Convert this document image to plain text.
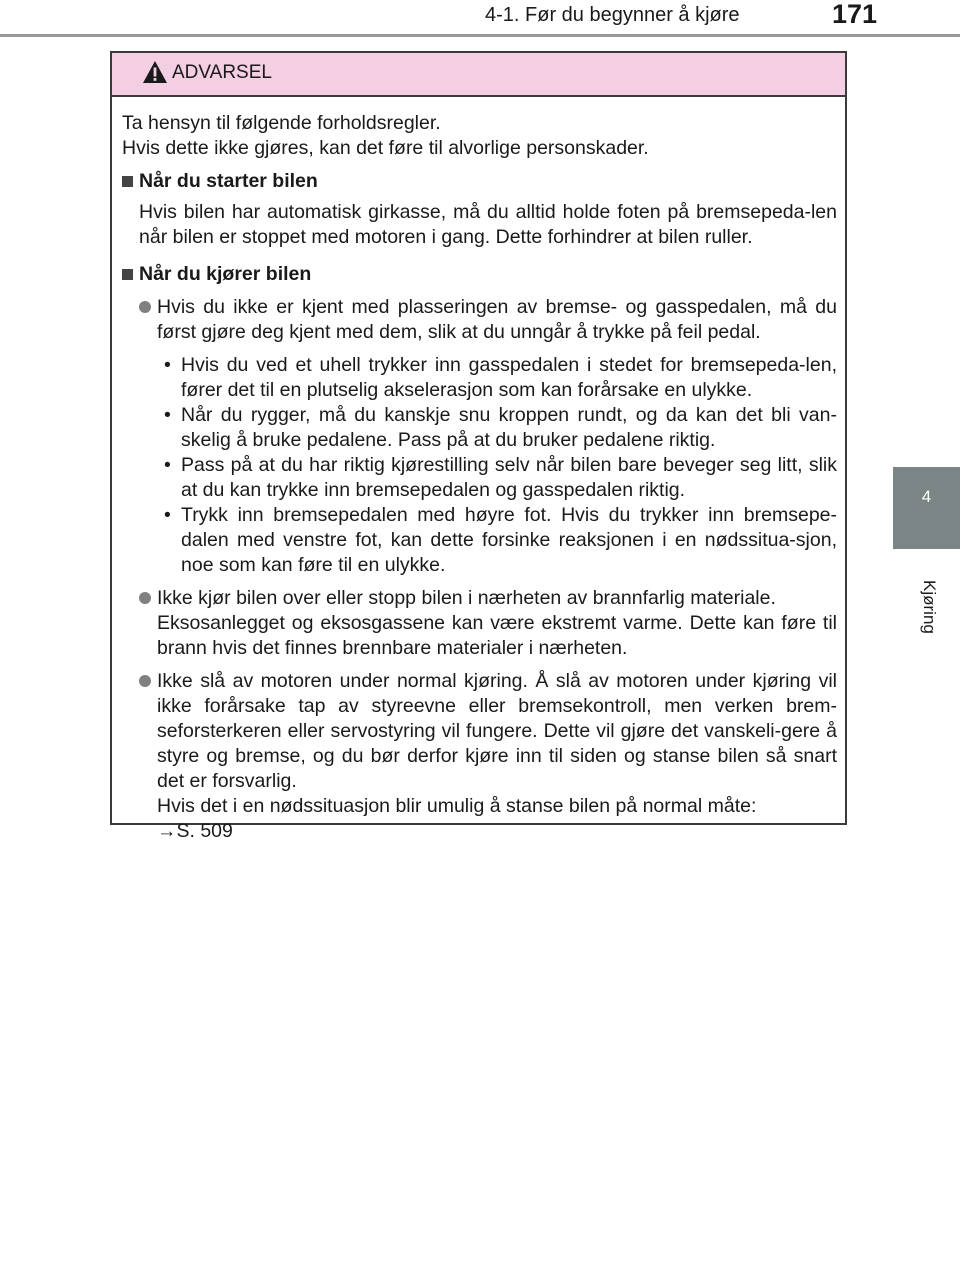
4-1. Før du begynner å kjøre	171
4
Kjøring
ADVARSEL

Ta hensyn til følgende forholdsregler.

Hvis dette ikke gjøres, kan det føre til alvorlige personskader.

Når du starter bilen
Hvis bilen har automatisk girkasse, må du alltid holde foten på bremsepeda-len når bilen er stoppet med motoren i gang. Dette forhindrer at bilen ruller.
Når du kjører bilen
Hvis du ikke er kjent med plasseringen av bremse- og gasspedalen, må du først gjøre deg kjent med dem, slik at du unngår å trykke på feil pedal.
• Hvis du ved et uhell trykker inn gasspedalen i stedet for bremsepeda-len, fører det til en plutselig akselerasjon som kan forårsake en ulykke.
• Når du rygger, må du kanskje snu kroppen rundt, og da kan det bli van-skelig å bruke pedalene. Pass på at du bruker pedalene riktig.
• Pass på at du har riktig kjørestilling selv når bilen bare beveger seg litt, slik at du kan trykke inn bremsepedalen og gasspedalen riktig.
• Trykk inn bremsepedalen med høyre fot. Hvis du trykker inn bremsepe-dalen med venstre fot, kan dette forsinke reaksjonen i en nødssitua-sjon, noe som kan føre til en ulykke.

Ikke kjør bilen over eller stopp bilen i nærheten av brannfarlig materiale.

Eksosanlegget og eksosgassene kan være ekstremt varme. Dette kan føre til brann hvis det finnes brennbare materialer i nærheten.

Ikke slå av motoren under normal kjøring. Å slå av motoren under kjøring vil ikke forårsake tap av styreevne eller bremsekontroll, men verken brem-seforsterkeren eller servostyring vil fungere. Dette vil gjøre det vanskeli-gere å styre og bremse, og du bør derfor kjøre inn til siden og stanse bilen så snart det er forsvarlig.

Hvis det i en nødssituasjon blir umulig å stanse bilen på normal måte:

→S. 509
